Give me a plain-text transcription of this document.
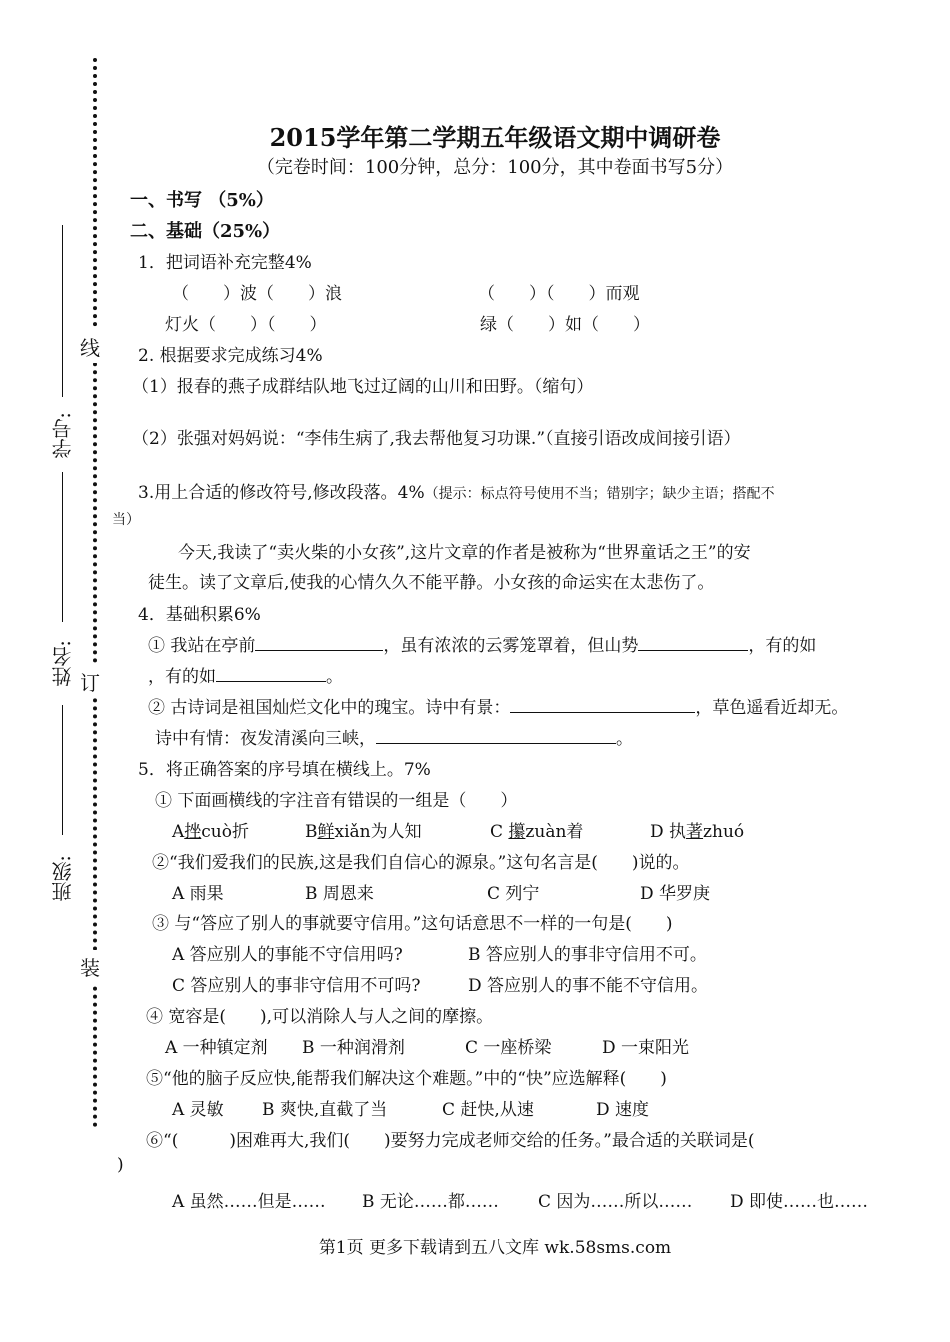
线
订
装
学号:
姓名:
班级:
2015学年第二学期五年级语文期中调研卷
（完卷时间：100分钟，总分：100分，其中卷面书写5分）
一、书写 （5%）
二、基础（25%）
1．把词语补充完整4%
（　　）波（　　）浪	（　　）（　　）而观
灯火（　　）（　　）	绿（　　）如（　　）
2. 根据要求完成练习4%
（1）报春的燕子成群结队地飞过辽阔的山川和田野。（缩句）
（2）张强对妈妈说：“李伟生病了,我去帮他复习功课.”（直接引语改成间接引语）
3.用上合适的修改符号,修改段落。4%（提示：标点符号使用不当；错别字；缺少主语；搭配不
当）
今天,我读了“卖火柴的小女孩”,这片文章的作者是被称为“世界童话之王”的安
徒生。读了文章后,使我的心情久久不能平静。小女孩的命运实在太悲伤了。
4．基础积累6%
① 我站在亭前	，虽有浓浓的云雾笼罩着，但山势	，有的如
，有的如	。
② 古诗词是祖国灿烂文化中的瑰宝。诗中有景：	，草色遥看近却无。
诗中有情：夜发清溪向三峡，	。
5．将正确答案的序号填在横线上。7%
① 下面画横线的字注音有错误的一组是（　　）
A挫cuò折	B鲜xiǎn为人知	C 攥zuàn着	D 执著zhuó
②“我们爱我们的民族,这是我们自信心的源泉。”这句名言是(　　)说的。
A 雨果	B 周恩来	C 列宁	D 华罗庚
③ 与“答应了别人的事就要守信用。”这句话意思不一样的一句是(　　)
A 答应别人的事能不守信用吗?	B 答应别人的事非守信用不可。
C 答应别人的事非守信用不可吗?	D 答应别人的事不能不守信用。
④ 宽容是(　　),可以消除人与人之间的摩擦。
A 一种镇定剂 B 一种润滑剂	C 一座桥梁	D 一束阳光
⑤“他的脑子反应快,能帮我们解决这个难题。”中的“快”应选解释(　　)
A 灵敏 B 爽快,直截了当	C 赶快,从速	D 速度
⑥“(　　　)困难再大,我们(　　)要努力完成老师交给的任务。”最合适的关联词是(
)
A 虽然……但是…… B 无论……都…… C 因为……所以…… D 即使……也……
第1页 更多下载请到五八文库 wk.58sms.com
